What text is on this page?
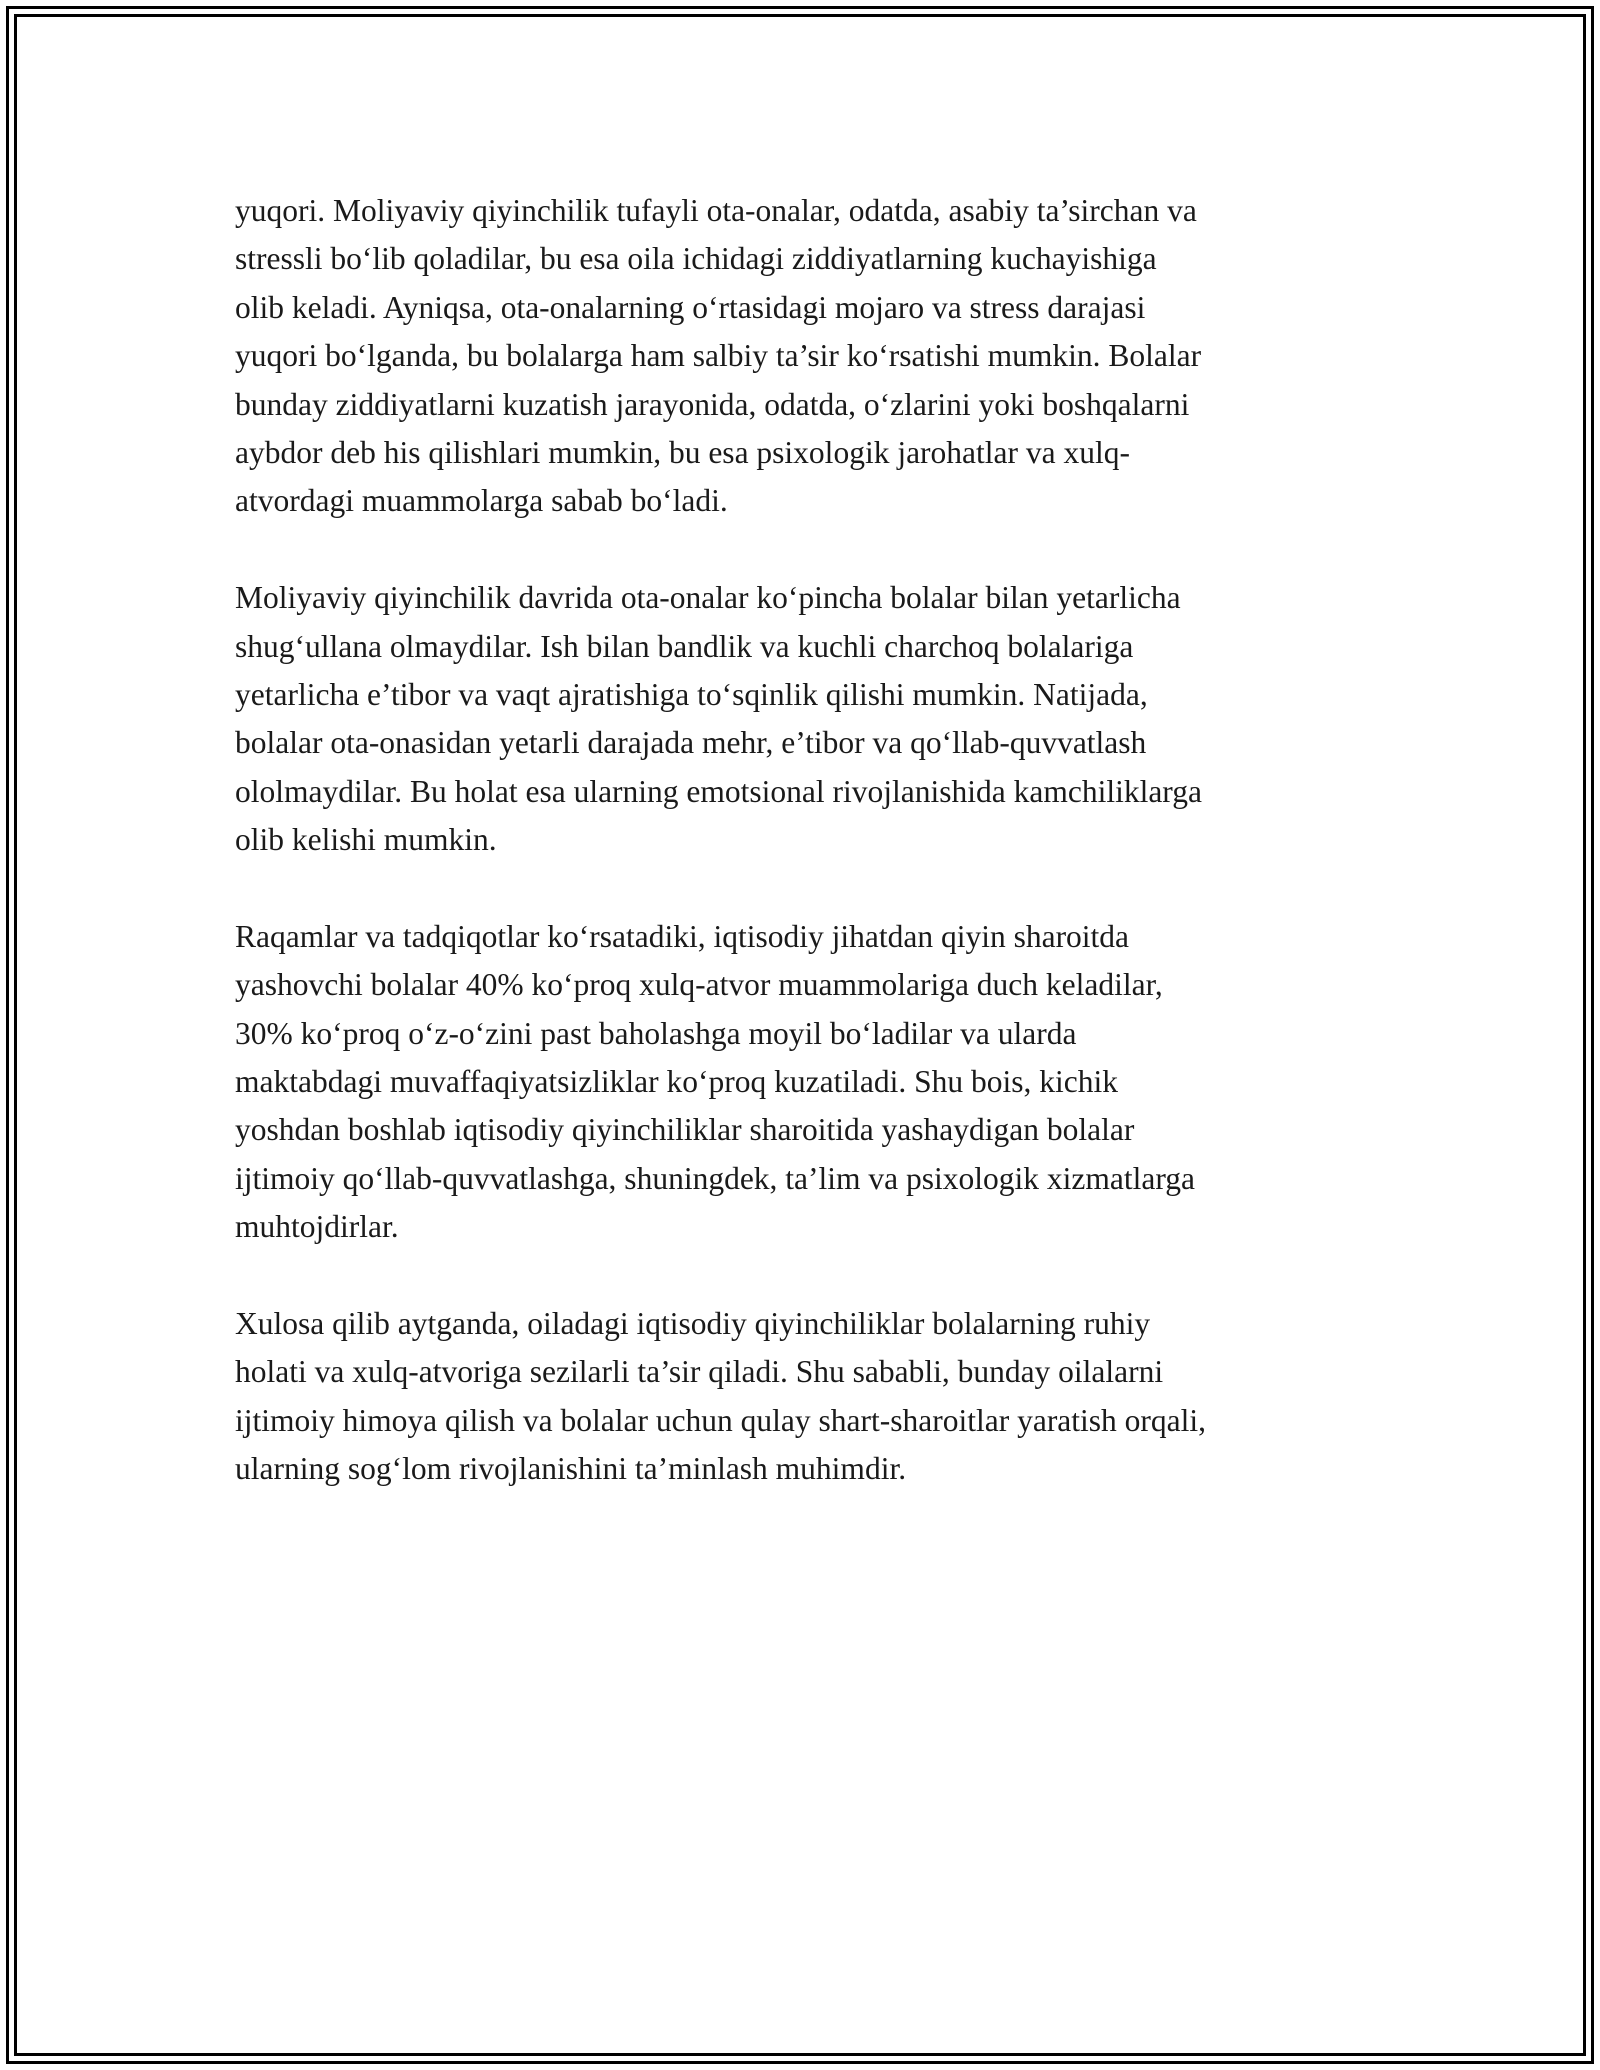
yuqori. Moliyaviy qiyinchilik tufayli ota-onalar, odatda, asabiy ta’sirchan va
stressli bo‘lib qoladilar, bu esa oila ichidagi ziddiyatlarning kuchayishiga
olib keladi. Ayniqsa, ota-onalarning o‘rtasidagi mojaro va stress darajasi
yuqori bo‘lganda, bu bolalarga ham salbiy ta’sir ko‘rsatishi mumkin. Bolalar
bunday ziddiyatlarni kuzatish jarayonida, odatda, o‘zlarini yoki boshqalarni
aybdor deb his qilishlari mumkin, bu esa psixologik jarohatlar va xulq-
atvordagi muammolarga sabab bo‘ladi.
Moliyaviy qiyinchilik davrida ota-onalar ko‘pincha bolalar bilan yetarlicha
shug‘ullana olmaydilar. Ish bilan bandlik va kuchli charchoq bolalariga
yetarlicha e’tibor va vaqt ajratishiga to‘sqinlik qilishi mumkin. Natijada,
bolalar ota-onasidan yetarli darajada mehr, e’tibor va qo‘llab-quvvatlash
ololmaydilar. Bu holat esa ularning emotsional rivojlanishida kamchiliklarga
olib kelishi mumkin.
Raqamlar va tadqiqotlar ko‘rsatadiki, iqtisodiy jihatdan qiyin sharoitda
yashovchi bolalar 40% ko‘proq xulq-atvor muammolariga duch keladilar,
30% ko‘proq o‘z-o‘zini past baholashga moyil bo‘ladilar va ularda
maktabdagi muvaffaqiyatsizliklar ko‘proq kuzatiladi. Shu bois, kichik
yoshdan boshlab iqtisodiy qiyinchiliklar sharoitida yashaydigan bolalar
ijtimoiy qo‘llab-quvvatlashga, shuningdek, ta’lim va psixologik xizmatlarga
muhtojdirlar.
Xulosa qilib aytganda, oiladagi iqtisodiy qiyinchiliklar bolalarning ruhiy
holati va xulq-atvoriga sezilarli ta’sir qiladi. Shu sababli, bunday oilalarni
ijtimoiy himoya qilish va bolalar uchun qulay shart-sharoitlar yaratish orqali,
ularning sog‘lom rivojlanishini ta’minlash muhimdir.
